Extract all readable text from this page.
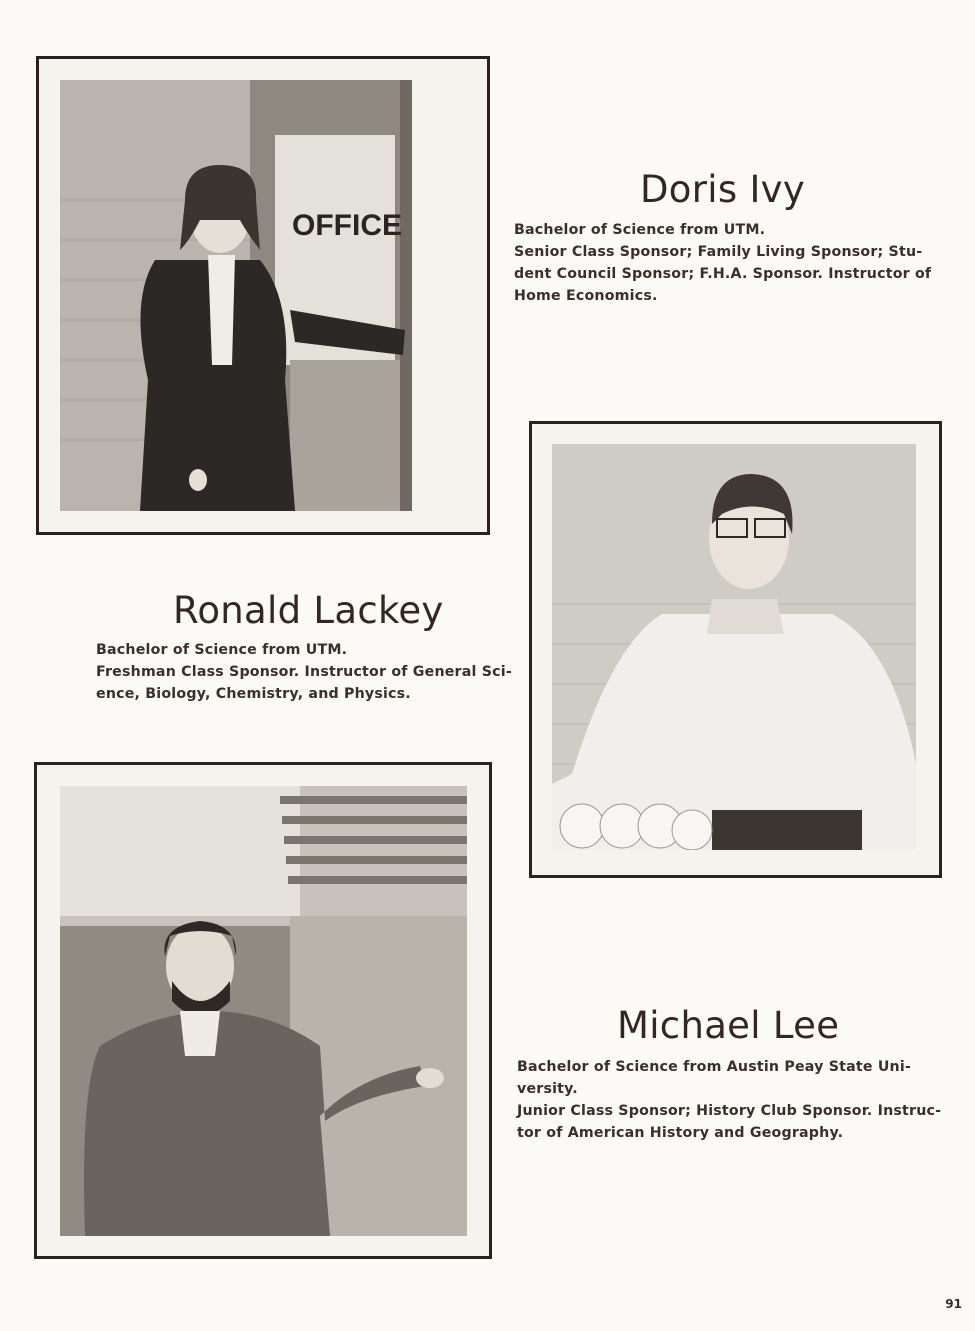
OFFICE
Doris Ivy

Bachelor of Science from UTM.
Senior Class Sponsor; Family Living Sponsor; Stu-
dent Council Sponsor; F.H.A. Sponsor. Instructor of
Home Economics.

Ronald Lackey

Bachelor of Science from UTM.
Freshman Class Sponsor. Instructor of General Sci-
ence, Biology, Chemistry, and Physics.

Michael Lee

Bachelor of Science from Austin Peay State Uni-
versity.
Junior Class Sponsor; History Club Sponsor. Instruc-
tor of American History and Geography.

91
